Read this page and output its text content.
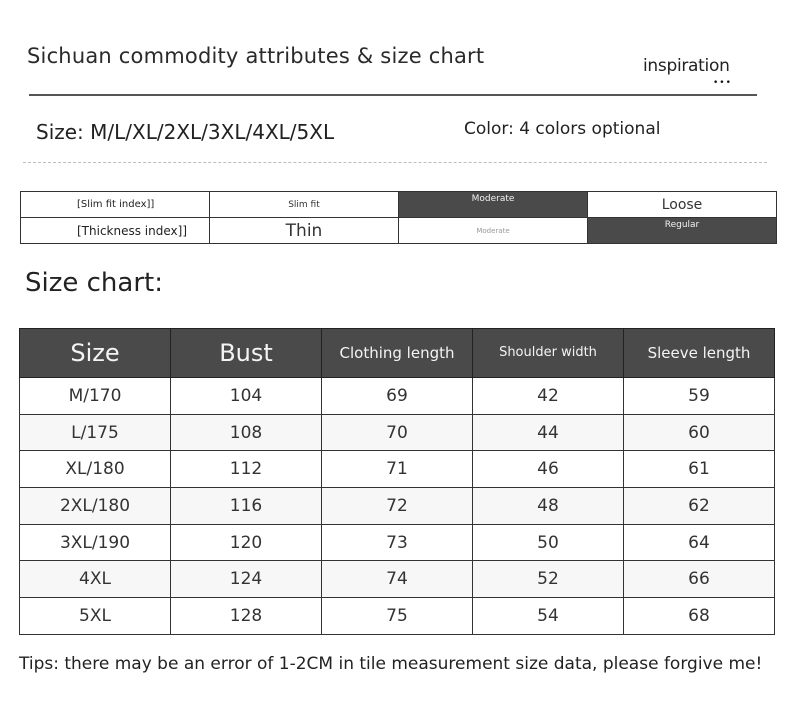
Sichuan commodity attributes & size chart	inspiration
•••
Size: M/L/XL/2XL/3XL/4XL/5XL	Color: 4 colors optional
[Slim fit index]]	Slim fit	Moderate	Loose
[Thickness index]]	Thin	Moderate	Regular
Size chart:
Size	Bust	Clothing length	Shoulder width	Sleeve length
M/170	104	69	42	59
L/175	108	70	44	60
XL/180	112	71	46	61
2XL/180	116	72	48	62
3XL/190	120	73	50	64
4XL	124	74	52	66
5XL	128	75	54	68
Tips: there may be an error of 1-2CM in tile measurement size data, please forgive me!
